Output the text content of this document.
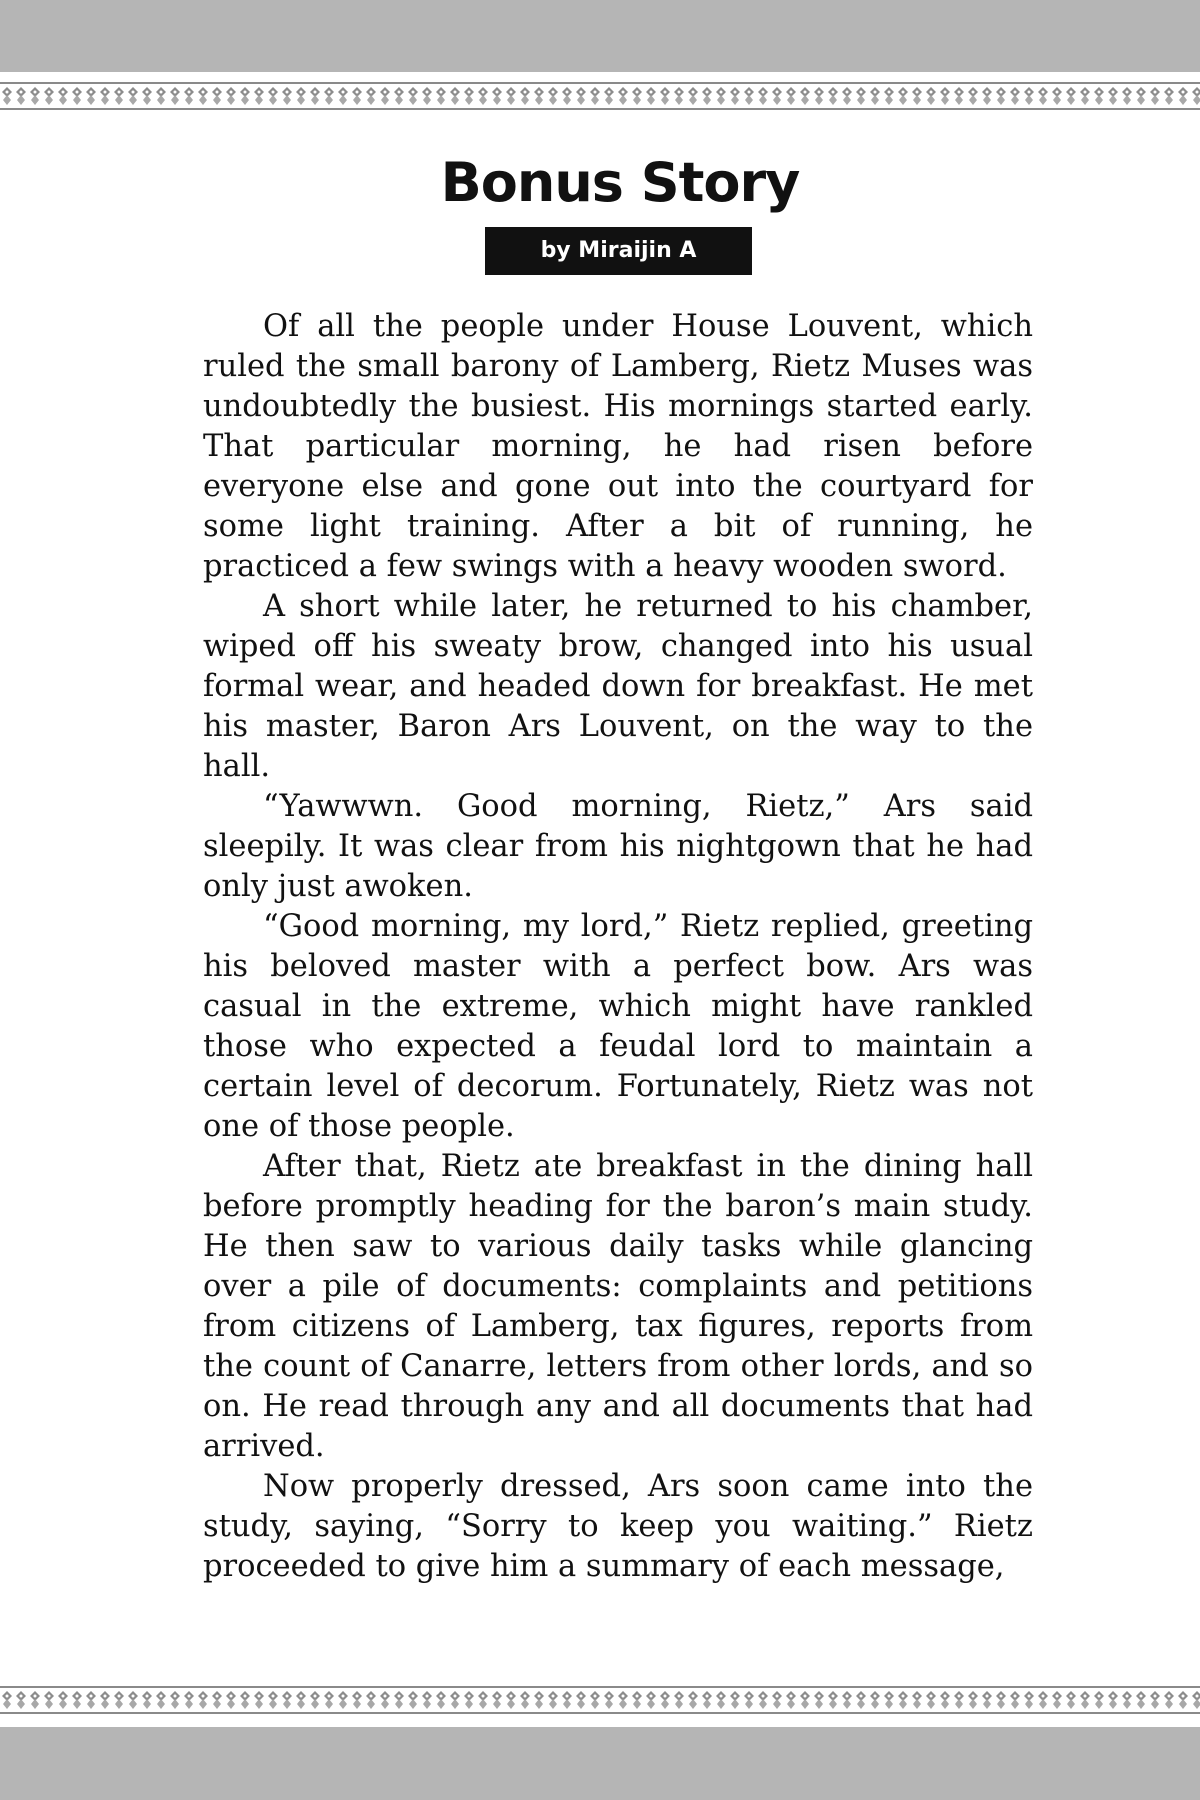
Bonus Story
by Miraijin A

Of all the people under House Louvent, which ruled the small barony of Lamberg, Rietz Muses was undoubtedly the busiest. His mornings started early. That particular morning, he had risen before everyone else and gone out into the courtyard for some light training. After a bit of running, he practiced a few swings with a heavy wooden sword.

A short while later, he returned to his chamber, wiped off his sweaty brow, changed into his usual formal wear, and headed down for breakfast. He met his master, Baron Ars Louvent, on the way to the hall.

“Yawwwn. Good morning, Rietz,” Ars said sleepily. It was clear from his nightgown that he had only just awoken.

“Good morning, my lord,” Rietz replied, greeting his beloved master with a perfect bow. Ars was casual in the extreme, which might have rankled those who expected a feudal lord to maintain a certain level of decorum. Fortunately, Rietz was not one of those people.

After that, Rietz ate breakfast in the dining hall before promptly heading for the baron’s main study. He then saw to various daily tasks while glancing over a pile of documents: complaints and petitions from citizens of Lamberg, tax figures, reports from the count of Canarre, letters from other lords, and so on. He read through any and all documents that had arrived.

Now properly dressed, Ars soon came into the study, saying, “Sorry to keep you waiting.” Rietz proceeded to give him a summary of each message,
